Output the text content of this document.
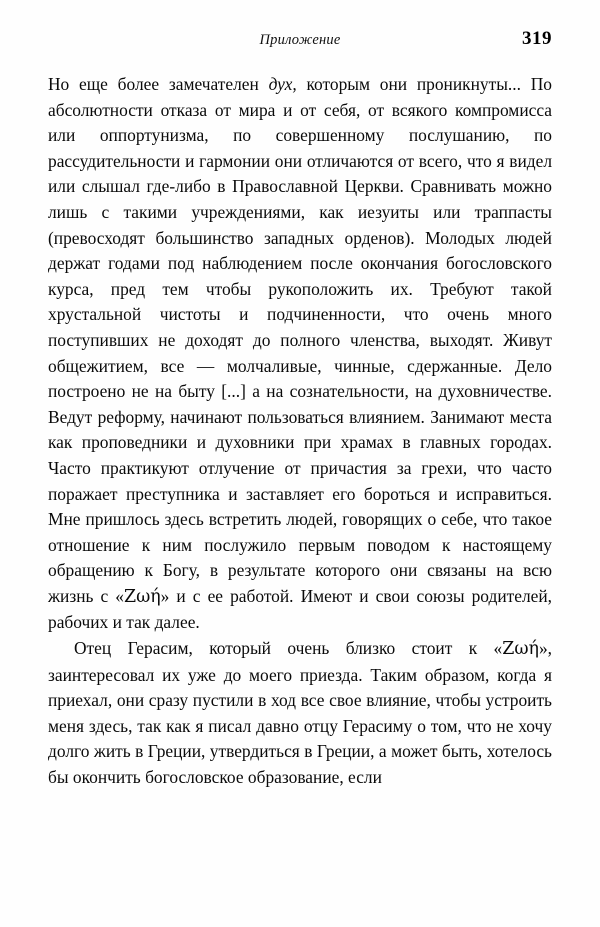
Приложение	319

Но еще более замечателен дух, которым они проникнуты... По абсолютности отказа от мира и от себя, от всякого компромисса или оппортунизма, по совершенному послушанию, по рассудительности и гармонии они отличаются от всего, что я видел или слышал где-либо в Православной Церкви. Сравнивать можно лишь с такими учреждениями, как иезуиты или траппасты (превосходят большинство западных орденов). Молодых людей держат годами под наблюдением после окончания богословского курса, пред тем чтобы рукоположить их. Требуют такой хрустальной чистоты и подчиненности, что очень много поступивших не доходят до полного членства, выходят. Живут общежитием, все — молчаливые, чинные, сдержанные. Дело построено не на быту [...] а на сознательности, на духовничестве. Ведут реформу, начинают пользоваться влиянием. Занимают места как проповедники и духовники при храмах в главных городах. Часто практикуют отлучение от причастия за грехи, что часто поражает преступника и заставляет его бороться и исправиться. Мне пришлось здесь встретить людей, говорящих о себе, что такое отношение к ним послужило первым поводом к настоящему обращению к Богу, в результате которого они связаны на всю жизнь с «Zωή» и с ее работой. Имеют и свои союзы родителей, рабочих и так далее.

Отец Герасим, который очень близко стоит к «Zωή», заинтересовал их уже до моего приезда. Таким образом, когда я приехал, они сразу пустили в ход все свое влияние, чтобы устроить меня здесь, так как я писал давно отцу Герасиму о том, что не хочу долго жить в Греции, утвердиться в Греции, а может быть, хотелось бы окончить богословское образование, если
